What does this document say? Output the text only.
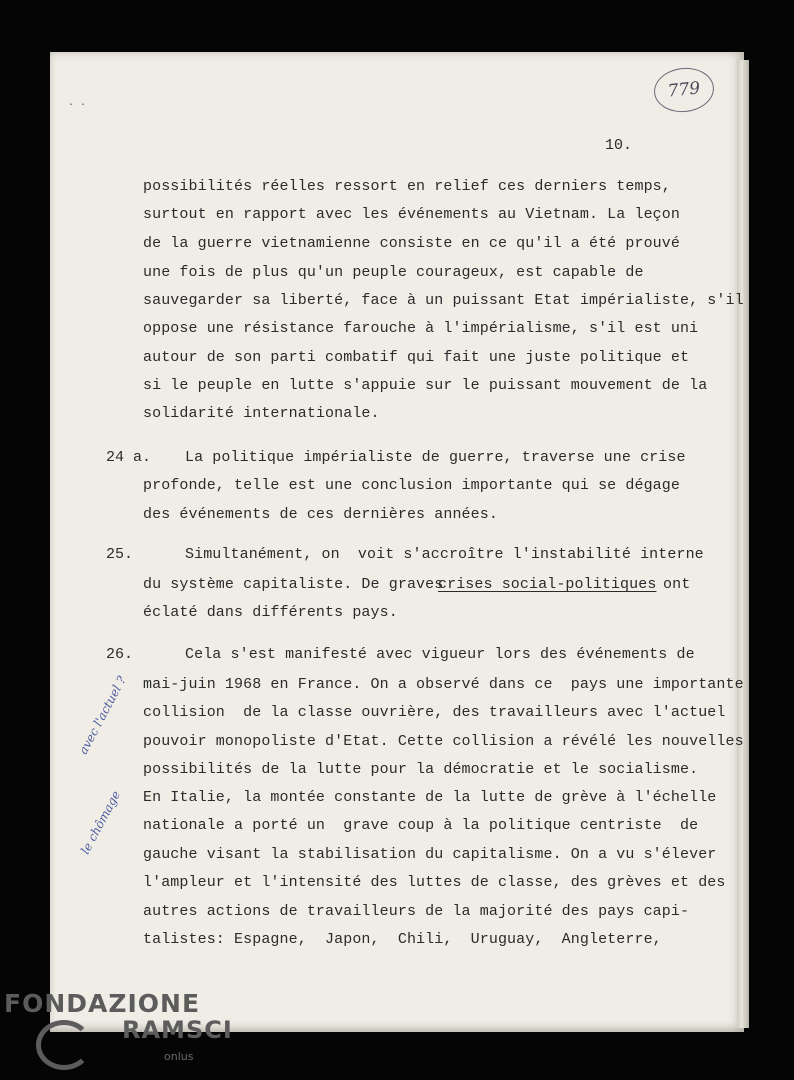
· ·
779
10.
possibilités réelles ressort en relief ces derniers temps,
surtout en rapport avec les événements au Vietnam. La leçon
de la guerre vietnamienne consiste en ce qu'il a été prouvé
une fois de plus qu'un peuple courageux, est capable de
sauvegarder sa liberté, face à un puissant Etat impérialiste, s'il
oppose une résistance farouche à l'impérialisme, s'il est uni
autour de son parti combatif qui fait une juste politique et
si le peuple en lutte s'appuie sur le puissant mouvement de la
solidarité internationale.
24 a. La politique impérialiste de guerre, traverse une crise
profonde, telle est une conclusion importante qui se dégage
des événements de ces dernières années.
25.	Simultanément, on  voit s'accroître l'instabilité interne
du système capitaliste. De graves
crises social-politiques ont
éclaté dans différents pays.
26.	Cela s'est manifesté avec vigueur lors des événements de
mai-juin 1968 en France. On a observé dans ce  pays une importante
collision  de la classe ouvrière, des travailleurs avec l'actuel
pouvoir monopoliste d'Etat. Cette collision a révélé les nouvelles
possibilités de la lutte pour la démocratie et le socialisme.
En Italie, la montée constante de la lutte de grève à l'échelle
nationale a porté un  grave coup à la politique centriste  de
gauche visant la stabilisation du capitalisme. On a vu s'élever
l'ampleur et l'intensité des luttes de classe, des grèves et des
autres actions de travailleurs de la majorité des pays capi-
talistes: Espagne,  Japon,  Chili,  Uruguay,  Angleterre,
avec l'actuel ?
le chômage
FONDAZIONE
RAMSCI
onlus
